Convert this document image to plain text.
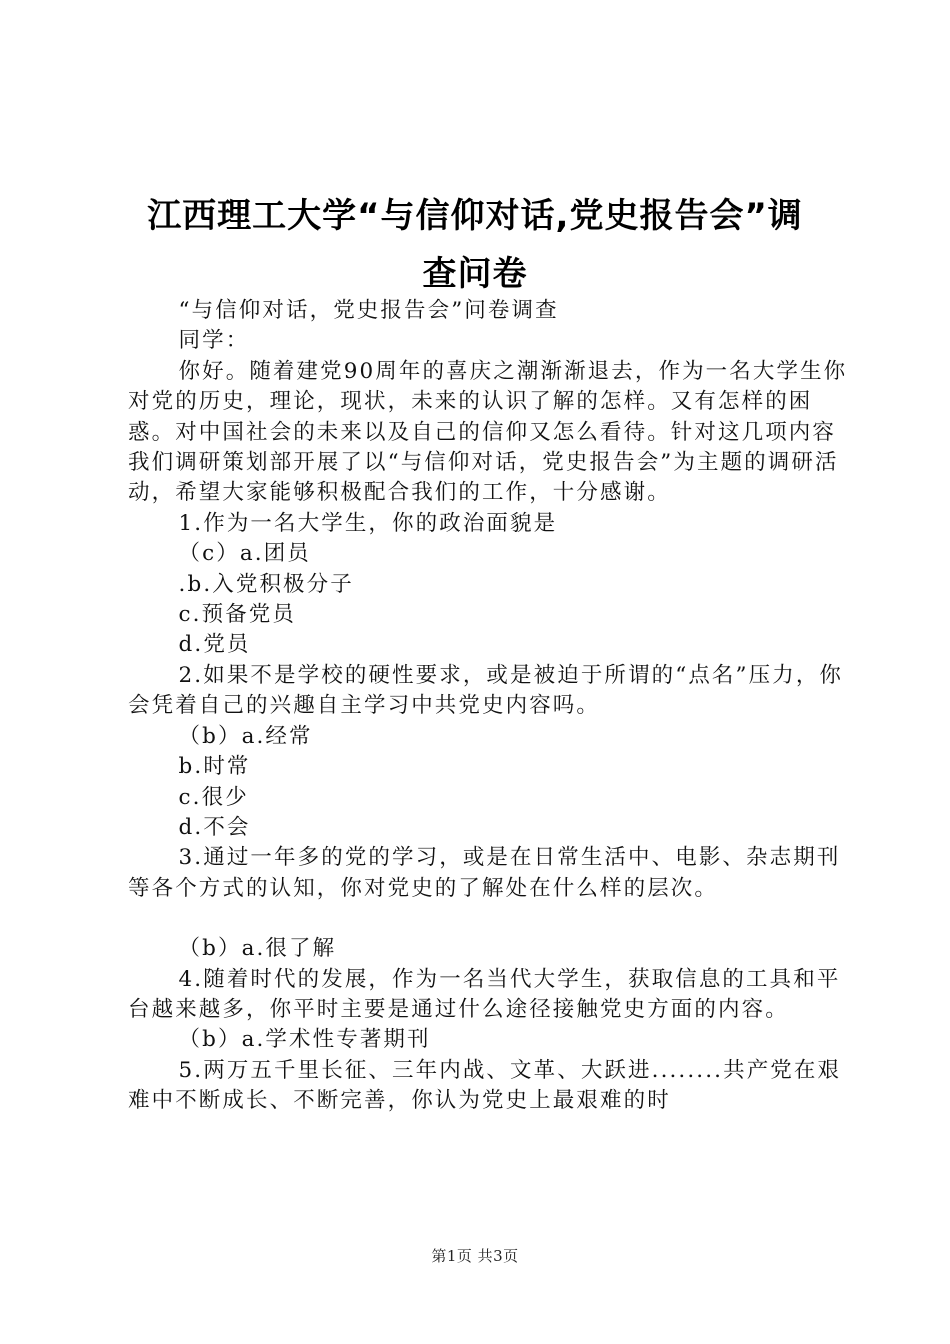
江西理工大学“与信仰对话,党史报告会”调
查问卷

“与信仰对话，党史报告会”问卷调查

同学：

你好。随着建党90周年的喜庆之潮渐渐退去，作为一名大学生你对党的历史，理论，现状，未来的认识了解的怎样。又有怎样的困惑。对中国社会的未来以及自己的信仰又怎么看待。针对这几项内容我们调研策划部开展了以“与信仰对话，党史报告会”为主题的调研活动，希望大家能够积极配合我们的工作，十分感谢。

1.作为一名大学生，你的政治面貌是

（c）a.团员

.b.入党积极分子

c.预备党员

d.党员

2.如果不是学校的硬性要求，或是被迫于所谓的“点名”压力，你会凭着自己的兴趣自主学习中共党史内容吗。

（b）a.经常

b.时常

c.很少

d.不会

3.通过一年多的党的学习，或是在日常生活中、电影、杂志期刊等各个方式的认知，你对党史的了解处在什么样的层次。

（b）a.很了解

4.随着时代的发展，作为一名当代大学生，获取信息的工具和平台越来越多，你平时主要是通过什么途径接触党史方面的内容。

（b）a.学术性专著期刊

5.两万五千里长征、三年内战、文革、大跃进........共产党在艰难中不断成长、不断完善，你认为党史上最艰难的时

第1页 共3页
